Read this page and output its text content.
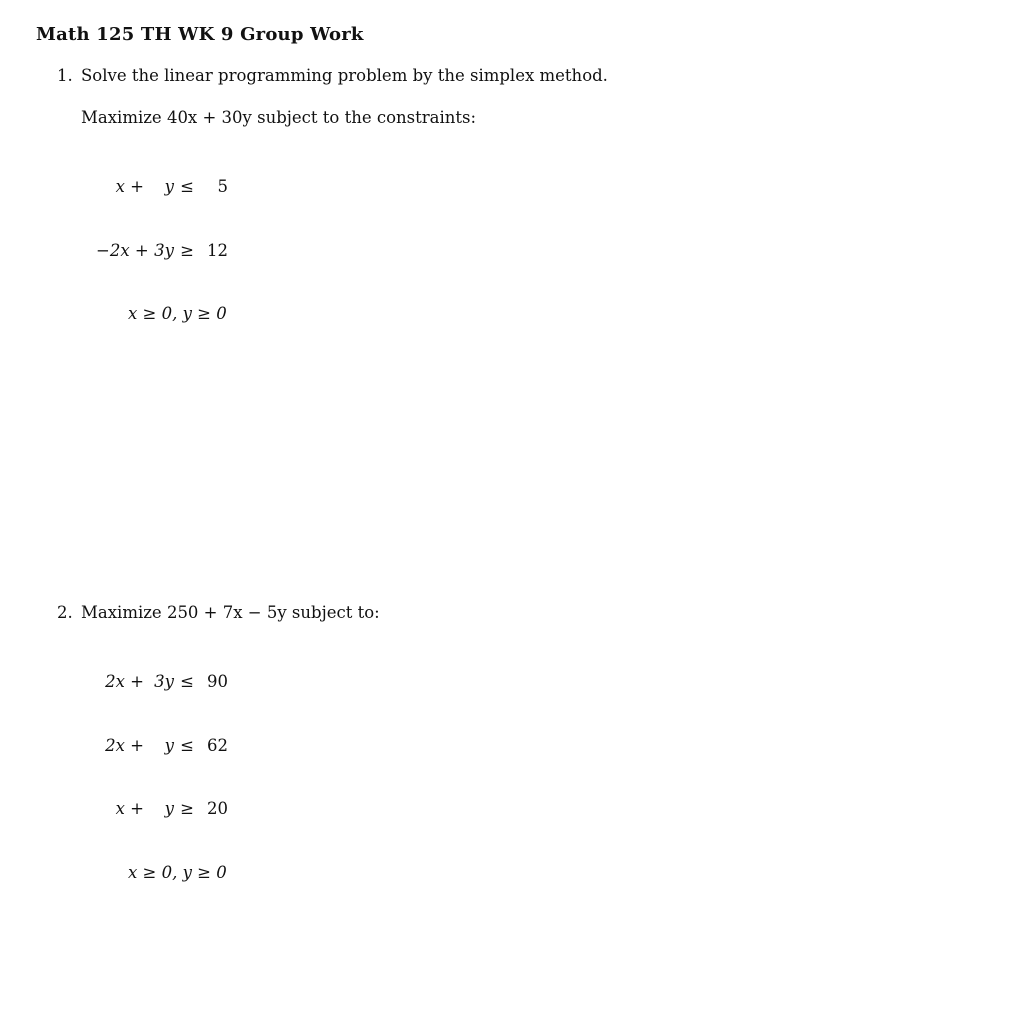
Math 125 TH WK 9 Group Work
1. Solve the linear programming problem by the simplex method.
Maximize 40x + 30y subject to the constraints:

x +	y ≤	5

−2x + 3y ≥ 12

x ≥ 0, y ≥ 0

2. Maximize 250 + 7x − 5y subject to:

2x + 3y ≤ 90

2x +	y ≤ 62

x +	y ≥ 20

x ≥ 0, y ≥ 0
